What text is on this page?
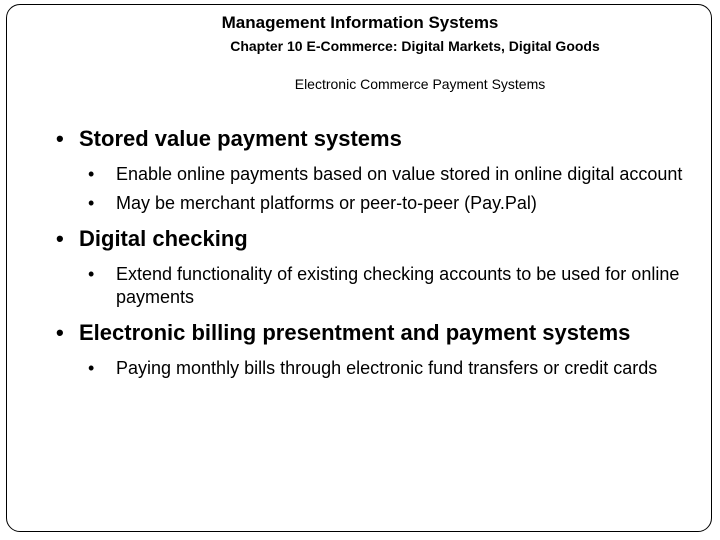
Management Information Systems
Chapter 10 E-Commerce: Digital Markets, Digital Goods
Electronic Commerce Payment Systems
• Stored value payment systems
• Enable online payments based on value stored in online digital account
• May be merchant platforms or peer-to-peer (Pay.Pal)
• Digital checking
• Extend functionality of existing checking accounts to be used for online payments
• Electronic billing presentment and payment systems
• Paying monthly bills through electronic fund transfers or credit cards
